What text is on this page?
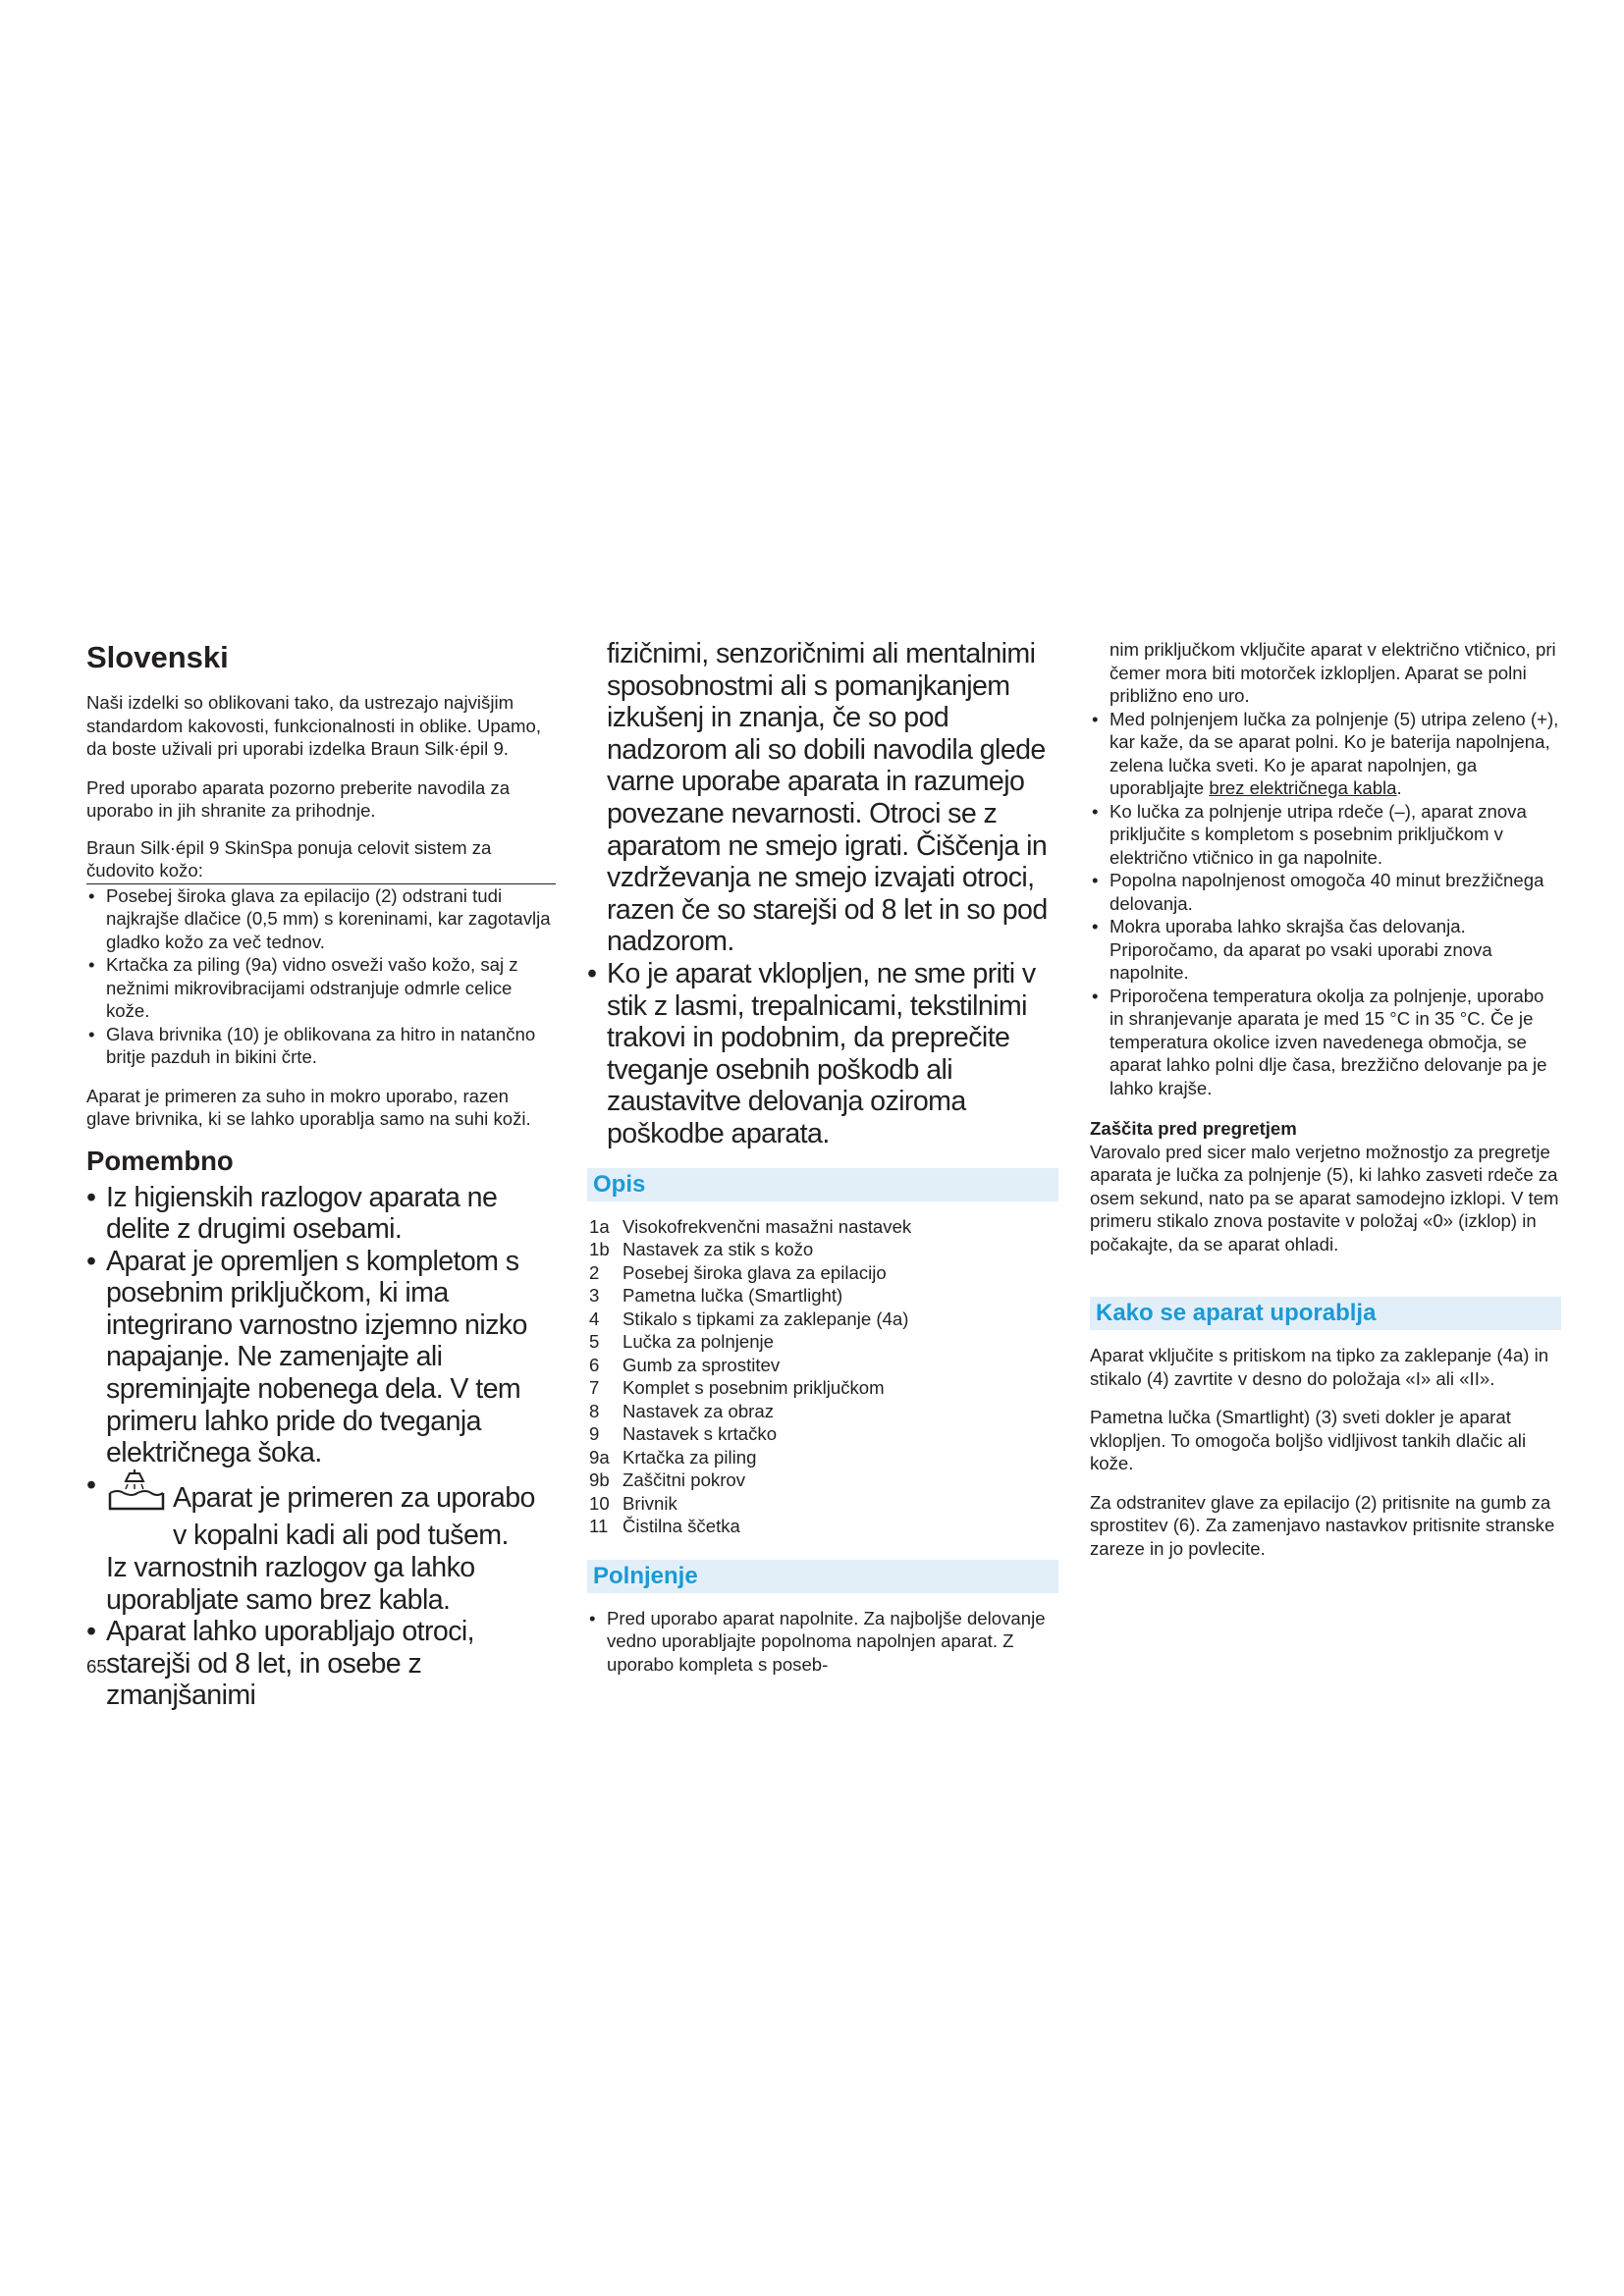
Slovenski

Naši izdelki so oblikovani tako, da ustrezajo najvišjim standardom kakovosti, funkcionalnosti in oblike. Upamo, da boste uživali pri uporabi izdelka Braun Silk·épil 9.

Pred uporabo aparata pozorno preberite navodila za uporabo in jih shranite za prihodnje.

Braun Silk·épil 9 SkinSpa ponuja celovit sistem za čudovito kožo:

• Posebej široka glava za epilacijo (2) odstrani tudi najkrajše dlačice (0,5 mm) s koreninami, kar zagotavlja gladko kožo za več tednov.
• Krtačka za piling (9a) vidno osveži vašo kožo, saj z nežnimi mikrovibracijami odstranjuje odmrle celice kože.
• Glava brivnika (10) je oblikovana za hitro in natančno britje pazduh in bikini črte.

Aparat je primeren za suho in mokro uporabo, razen glave brivnika, ki se lahko uporablja samo na suhi koži.

Pomembno
• Iz higienskih razlogov aparata ne delite z drugimi osebami.
• Aparat je opremljen s kompletom s posebnim priključkom, ki ima integrirano varnostno izjemno nizko napajanje. Ne zamenjajte ali spreminjajte nobenega dela. V tem primeru lahko pride do tveganja električnega šoka.
• Aparat je primeren za uporabo
v kopalni kadi ali pod tušem.
Iz varnostnih razlogov ga lahko uporabljate samo brez kabla.
• Aparat lahko uporabljajo otroci, starejši od 8 let, in osebe z zmanjšanimi

fizičnimi, senzoričnimi ali mentalnimi sposobnostmi ali s pomanjkanjem izkušenj in znanja, če so pod nadzorom ali so dobili navodila glede varne uporabe aparata in razumejo povezane nevarnosti. Otroci se z aparatom ne smejo igrati. Čiščenja in vzdrževanja ne smejo izvajati otroci, razen če so starejši od 8 let in so pod nadzorom.

• Ko je aparat vklopljen, ne sme priti v stik z lasmi, trepalnicami, tekstilnimi trakovi in podobnim, da preprečite tveganje osebnih poškodb ali zaustavitve delovanja oziroma poškodbe aparata.
Opis
1a Visokofrekvenčni masažni nastavek
1b Nastavek za stik s kožo
2 Posebej široka glava za epilacijo
3 Pametna lučka (Smartlight)
4 Stikalo s tipkami za zaklepanje (4a)
5 Lučka za polnjenje
6 Gumb za sprostitev
7 Komplet s posebnim priključkom
8 Nastavek za obraz
9 Nastavek s krtačko
9a Krtačka za piling
9b Zaščitni pokrov
10 Brivnik
11 Čistilna ščetka
Polnjenje
• Pred uporabo aparat napolnite. Za najboljše delovanje vedno uporabljajte popolnoma napolnjen aparat. Z uporabo kompleta s poseb-

nim priključkom vključite aparat v električno vtičnico, pri čemer mora biti motorček izklopljen. Aparat se polni približno eno uro.

• Med polnjenjem lučka za polnjenje (5) utripa zeleno (+), kar kaže, da se aparat polni. Ko je baterija napolnjena, zelena lučka sveti. Ko je aparat napolnjen, ga uporabljajte brez električnega kabla.
• Ko lučka za polnjenje utripa rdeče (–), aparat znova priključite s kompletom s posebnim priključkom v električno vtičnico in ga napolnite.
• Popolna napolnjenost omogoča 40 minut brezžičnega delovanja.
• Mokra uporaba lahko skrajša čas delovanja. Priporočamo, da aparat po vsaki uporabi znova napolnite.
• Priporočena temperatura okolja za polnjenje, uporabo in shranjevanje aparata je med 15 °C in 35 °C. Če je temperatura okolice izven navedenega območja, se aparat lahko polni dlje časa, brezžično delovanje pa je lahko krajše.
Zaščita pred pregretjem

Varovalo pred sicer malo verjetno možnostjo za pregretje aparata je lučka za polnjenje (5), ki lahko zasveti rdeče za osem sekund, nato pa se aparat samodejno izklopi. V tem primeru stikalo znova postavite v položaj «0» (izklop) in počakajte, da se aparat ohladi.

Kako se aparat uporablja

Aparat vključite s pritiskom na tipko za zaklepanje (4a) in stikalo (4) zavrtite v desno do položaja «I» ali «II».

Pametna lučka (Smartlight) (3) sveti dokler je aparat vklopljen. To omogoča boljšo vidljivost tankih dlačic ali kože.

Za odstranitev glave za epilacijo (2) pritisnite na gumb za sprostitev (6). Za zamenjavo nastavkov pritisnite stranske zareze in jo povlecite.

65
